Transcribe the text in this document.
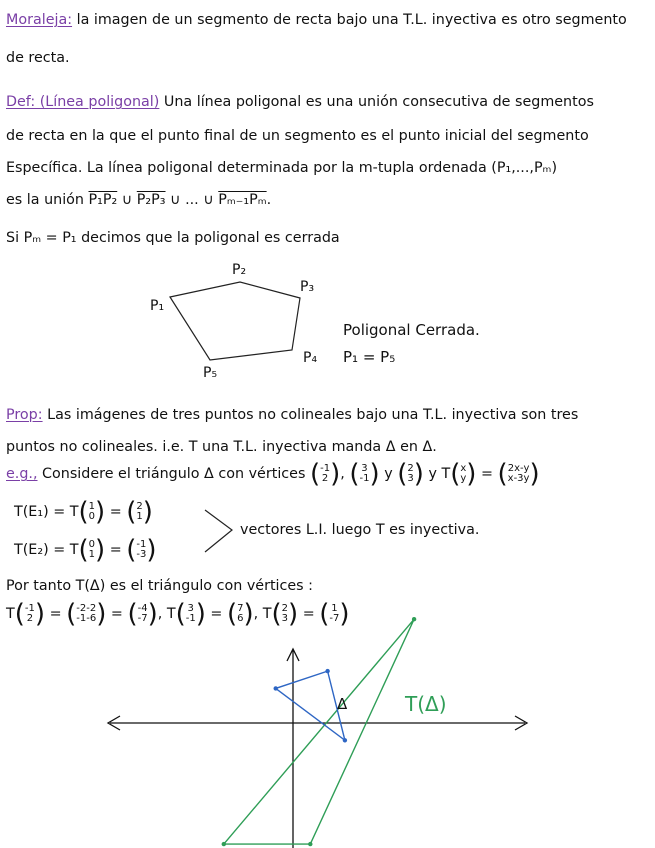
Moraleja: la imagen de un segmento de recta bajo una T.L. inyectiva es otro segmento
de recta.
Def: (Línea poligonal) Una línea poligonal es una unión consecutiva de segmentos
de recta en la que el punto final de un segmento es el punto inicial del segmento
Específica. La línea poligonal determinada por la m-tupla ordenada (P₁,...,Pₘ)
es la unión P₁P₂ ∪ P₂P₃ ∪ ... ∪ Pₘ₋₁Pₘ.
Si Pₘ = P₁ decimos que la poligonal es cerrada
P₂
P₃
P₁
P₄
P₅
Poligonal Cerrada.
P₁ = P₅
Prop: Las imágenes de tres puntos no colineales bajo una T.L. inyectiva son tres
puntos no colineales. i.e. T una T.L. inyectiva manda Δ en Δ.
e.g., Considere el triángulo Δ con vértices (-1
2), ( 3
-1) y (2
3) y T(x
y) = (2x-y
x-3y)
T(E₁) = T(1
0) = (2
1)
T(E₂) = T(0
1) = (-1
-3)
vectores L.I. luego T es inyectiva.
Por tanto T(Δ) es el triángulo con vértices :
T(-1
2) = (-2-2
-1-6) = (-4
-7), T( 3
-1) = (7
6), T(2
3) = ( 1
-7)
Δ	T(Δ)
